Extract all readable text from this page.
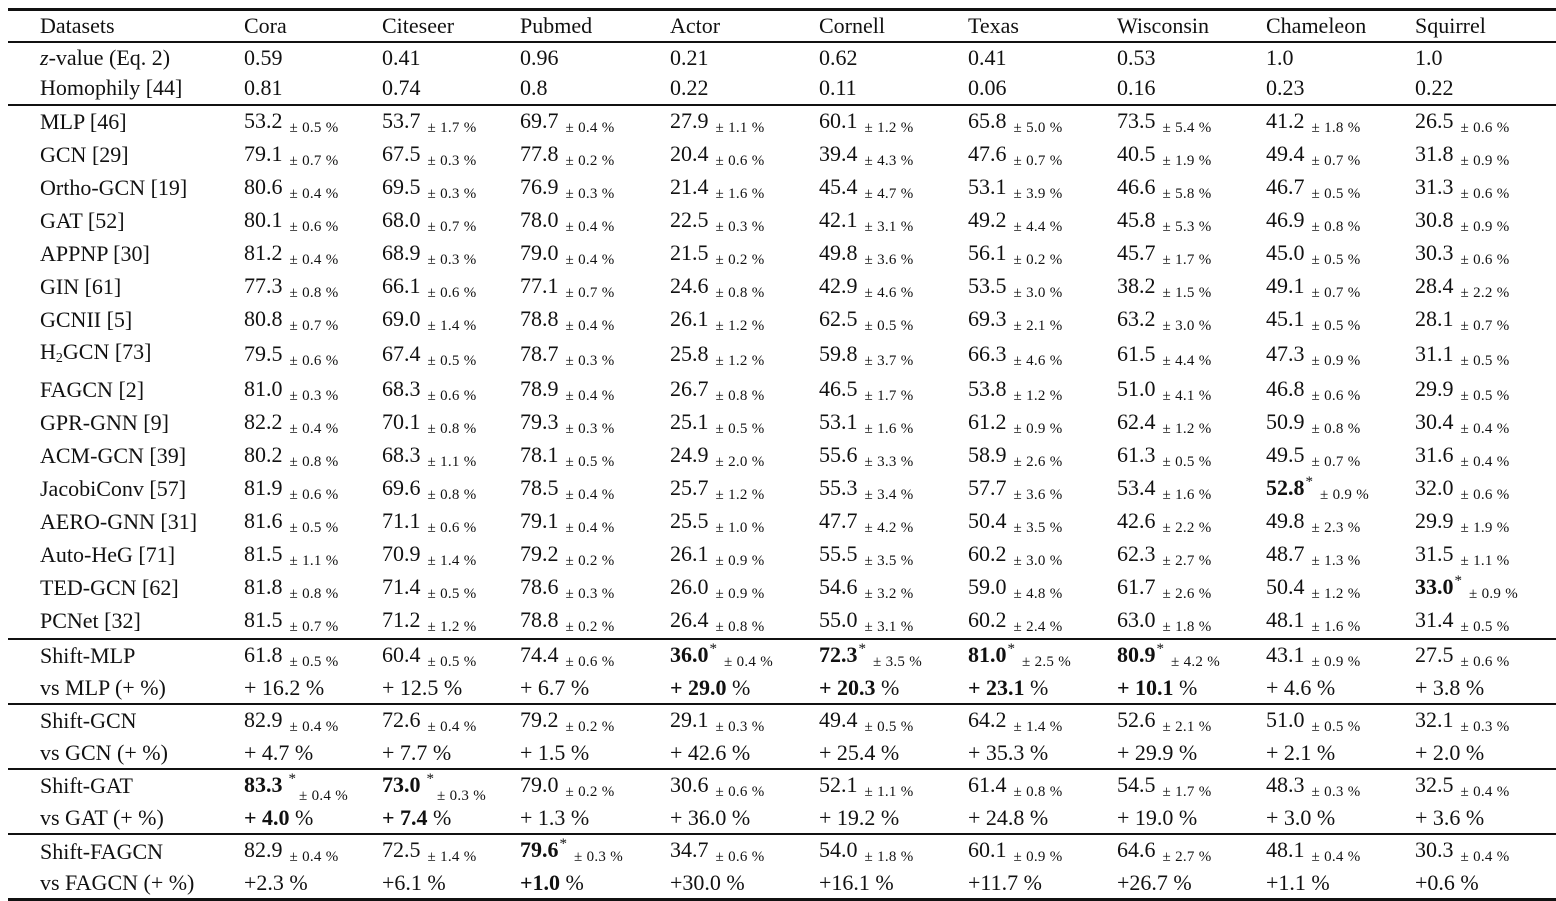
Datasets	Cora	Citeseer	Pubmed	Actor	Cornell	Texas	Wisconsin	Chameleon	Squirrel
z-value (Eq. 2)	0.59	0.41	0.96	0.21	0.62	0.41	0.53	1.0	1.0
Homophily [44]	0.81	0.74	0.8	0.22	0.11	0.06	0.16	0.23	0.22
MLP [46]	53.2 ± 0.5 %	53.7 ± 1.7 %	69.7 ± 0.4 %	27.9 ± 1.1 %	60.1 ± 1.2 %	65.8 ± 5.0 %	73.5 ± 5.4 %	41.2 ± 1.8 %	26.5 ± 0.6 %
GCN [29]	79.1 ± 0.7 %	67.5 ± 0.3 %	77.8 ± 0.2 %	20.4 ± 0.6 %	39.4 ± 4.3 %	47.6 ± 0.7 %	40.5 ± 1.9 %	49.4 ± 0.7 %	31.8 ± 0.9 %
Ortho-GCN [19]	80.6 ± 0.4 %	69.5 ± 0.3 %	76.9 ± 0.3 %	21.4 ± 1.6 %	45.4 ± 4.7 %	53.1 ± 3.9 %	46.6 ± 5.8 %	46.7 ± 0.5 %	31.3 ± 0.6 %
GAT [52]	80.1 ± 0.6 %	68.0 ± 0.7 %	78.0 ± 0.4 %	22.5 ± 0.3 %	42.1 ± 3.1 %	49.2 ± 4.4 %	45.8 ± 5.3 %	46.9 ± 0.8 %	30.8 ± 0.9 %
APPNP [30]	81.2 ± 0.4 %	68.9 ± 0.3 %	79.0 ± 0.4 %	21.5 ± 0.2 %	49.8 ± 3.6 %	56.1 ± 0.2 %	45.7 ± 1.7 %	45.0 ± 0.5 %	30.3 ± 0.6 %
GIN [61]	77.3 ± 0.8 %	66.1 ± 0.6 %	77.1 ± 0.7 %	24.6 ± 0.8 %	42.9 ± 4.6 %	53.5 ± 3.0 %	38.2 ± 1.5 %	49.1 ± 0.7 %	28.4 ± 2.2 %
GCNII [5]	80.8 ± 0.7 %	69.0 ± 1.4 %	78.8 ± 0.4 %	26.1 ± 1.2 %	62.5 ± 0.5 %	69.3 ± 2.1 %	63.2 ± 3.0 %	45.1 ± 0.5 %	28.1 ± 0.7 %
$H_2GCN$ [73]	79.5 ± 0.6 %	67.4 ± 0.5 %	78.7 ± 0.3 %	25.8 ± 1.2 %	59.8 ± 3.7 %	66.3 ± 4.6 %	61.5 ± 4.4 %	47.3 ± 0.9 %	31.1 ± 0.5 %
FAGCN [2]	81.0 ± 0.3 %	68.3 ± 0.6 %	78.9 ± 0.4 %	26.7 ± 0.8 %	46.5 ± 1.7 %	53.8 ± 1.2 %	51.0 ± 4.1 %	46.8 ± 0.6 %	29.9 ± 0.5 %
GPR-GNN [9]	82.2 ± 0.4 %	70.1 ± 0.8 %	79.3 ± 0.3 %	25.1 ± 0.5 %	53.1 ± 1.6 %	61.2 ± 0.9 %	62.4 ± 1.2 %	50.9 ± 0.8 %	30.4 ± 0.4 %
ACM-GCN [39]	80.2 ± 0.8 %	68.3 ± 1.1 %	78.1 ± 0.5 %	24.9 ± 2.0 %	55.6 ± 3.3 %	58.9 ± 2.6 %	61.3 ± 0.5 %	49.5 ± 0.7 %	31.6 ± 0.4 %
JacobiConv [57]	81.9 ± 0.6 %	69.6 ± 0.8 %	78.5 ± 0.4 %	25.7 ± 1.2 %	55.3 ± 3.4 %	57.7 ± 3.6 %	53.4 ± 1.6 %	52.8*± 0.9 %	32.0 ± 0.6 %
AERO-GNN [31]	81.6 ± 0.5 %	71.1 ± 0.6 %	79.1 ± 0.4 %	25.5 ± 1.0 %	47.7 ± 4.2 %	50.4 ± 3.5 %	42.6 ± 2.2 %	49.8 ± 2.3 %	29.9 ± 1.9 %
Auto-HeG [71]	81.5 ± 1.1 %	70.9 ± 1.4 %	79.2 ± 0.2 %	26.1 ± 0.9 %	55.5 ± 3.5 %	60.2 ± 3.0 %	62.3 ± 2.7 %	48.7 ± 1.3 %	31.5 ± 1.1 %
TED-GCN [62]	81.8 ± 0.8 %	71.4 ± 0.5 %	78.6 ± 0.3 %	26.0 ± 0.9 %	54.6 ± 3.2 %	59.0 ± 4.8 %	61.7 ± 2.6 %	50.4 ± 1.2 %	33.0*± 0.9 %
PCNet [32]	81.5 ± 0.7 %	71.2 ± 1.2 %	78.8 ± 0.2 %	26.4 ± 0.8 %	55.0 ± 3.1 %	60.2 ± 2.4 %	63.0 ± 1.8 %	48.1 ± 1.6 %	31.4 ± 0.5 %
Shift-MLP	61.8 ± 0.5 %	60.4 ± 0.5 %	74.4 ± 0.6 %	36.0*± 0.4 %	72.3*± 3.5 %	81.0*± 2.5 %	80.9*± 4.2 %	43.1 ± 0.9 %	27.5 ± 0.6 %
vs MLP (+ %)	+ 16.2 %	+ 12.5 %	+ 6.7 %	+ 29.0 %	+ 20.3 %	+ 23.1 %	+ 10.1 %	+ 4.6 %	+ 3.8 %
Shift-GCN	82.9 ± 0.4 %	72.6 ± 0.4 %	79.2 ± 0.2 %	29.1 ± 0.3 %	49.4 ± 0.5 %	64.2 ± 1.4 %	52.6 ± 2.1 %	51.0 ± 0.5 %	32.1 ± 0.3 %
vs GCN (+ %)	+ 4.7 %	+ 7.7 %	+ 1.5 %	+ 42.6 %	+ 25.4 %	+ 35.3 %	+ 29.9 %	+ 2.1 %	+ 2.0 %
Shift-GAT	83.3 *$_{\pm 0.4 \%}$	73.0 *$_{\pm 0.3 \%}$	79.0 ± 0.2 %	30.6 ± 0.6 %	52.1 ± 1.1 %	61.4 ± 0.8 %	54.5 ± 1.7 %	48.3 ± 0.3 %	32.5 ± 0.4 %
vs GAT (+ %)	+ 4.0 %	+ 7.4 %	+ 1.3 %	+ 36.0 %	+ 19.2 %	+ 24.8 %	+ 19.0 %	+ 3.0 %	+ 3.6 %
Shift-FAGCN	82.9 ± 0.4 %	72.5 ± 1.4 %	79.6*± 0.3 %	34.7 ± 0.6 %	54.0 ± 1.8 %	60.1 ± 0.9 %	64.6 ± 2.7 %	48.1 ± 0.4 %	30.3 ± 0.4 %
vs FAGCN (+ %)	+2.3 %	+6.1 %	+1.0 %	+30.0 %	+16.1 %	+11.7 %	+26.7 %	+1.1 %	+0.6 %
